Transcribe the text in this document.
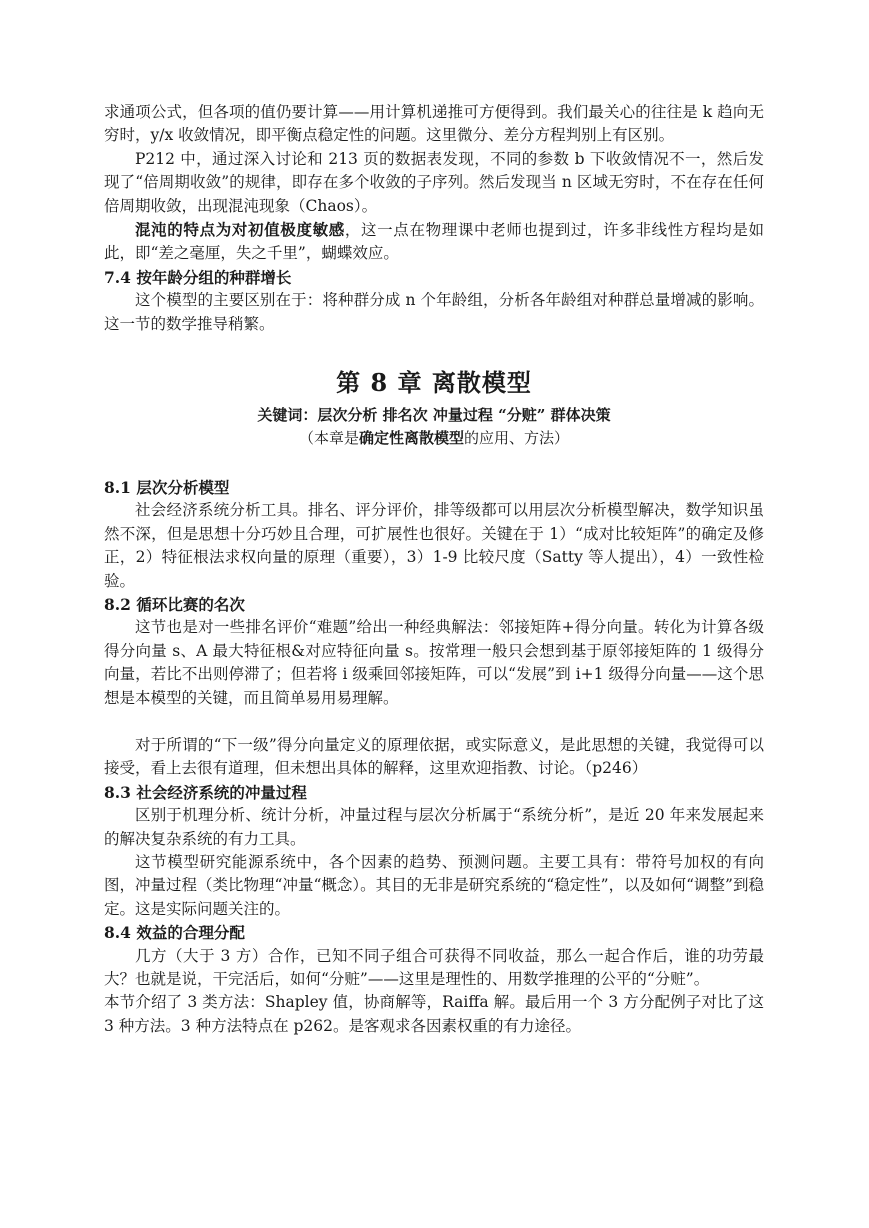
求通项公式，但各项的值仍要计算——用计算机递推可方便得到。我们最关心的往往是 k 趋向无穷时，y/x 收敛情况，即平衡点稳定性的问题。这里微分、差分方程判别上有区别。

P212 中，通过深入讨论和 213 页的数据表发现，不同的参数 b 下收敛情况不一，然后发现了“倍周期收敛”的规律，即存在多个收敛的子序列。然后发现当 n 区域无穷时，不在存在任何倍周期收敛，出现混沌现象（Chaos）。

混沌的特点为对初值极度敏感，这一点在物理课中老师也提到过，许多非线性方程均是如此，即“差之毫厘，失之千里”，蝴蝶效应。

7.4 按年龄分组的种群增长

这个模型的主要区别在于：将种群分成 n 个年龄组，分析各年龄组对种群总量增减的影响。这一节的数学推导稍繁。

第 8 章 离散模型
关键词：层次分析 排名次 冲量过程 “分赃” 群体决策
（本章是确定性离散模型的应用、方法）

8.1 层次分析模型

社会经济系统分析工具。排名、评分评价，排等级都可以用层次分析模型解决，数学知识虽然不深，但是思想十分巧妙且合理，可扩展性也很好。关键在于 1）“成对比较矩阵”的确定及修正，2）特征根法求权向量的原理（重要），3）1-9 比较尺度（Satty 等人提出），4）一致性检验。

8.2 循环比赛的名次

这节也是对一些排名评价“难题”给出一种经典解法：邻接矩阵+得分向量。转化为计算各级得分向量 s、A 最大特征根&对应特征向量 s。按常理一般只会想到基于原邻接矩阵的 1 级得分向量，若比不出则停滞了；但若将 i 级乘回邻接矩阵，可以“发展”到 i+1 级得分向量——这个思想是本模型的关键，而且简单易用易理解。

对于所谓的“下一级”得分向量定义的原理依据，或实际意义，是此思想的关键，我觉得可以接受，看上去很有道理，但未想出具体的解释，这里欢迎指教、讨论。（p246）

8.3 社会经济系统的冲量过程

区别于机理分析、统计分析，冲量过程与层次分析属于“系统分析”，是近 20 年来发展起来的解决复杂系统的有力工具。

这节模型研究能源系统中，各个因素的趋势、预测问题。主要工具有：带符号加权的有向图，冲量过程（类比物理“冲量“概念）。其目的无非是研究系统的“稳定性”，以及如何“调整”到稳定。这是实际问题关注的。

8.4 效益的合理分配

几方（大于 3 方）合作，已知不同子组合可获得不同收益，那么一起合作后，谁的功劳最大？也就是说，干完活后，如何“分赃”——这里是理性的、用数学推理的公平的“分赃”。

本节介绍了 3 类方法：Shapley 值，协商解等，Raiffa 解。最后用一个 3 方分配例子对比了这 3 种方法。3 种方法特点在 p262。是客观求各因素权重的有力途径。
